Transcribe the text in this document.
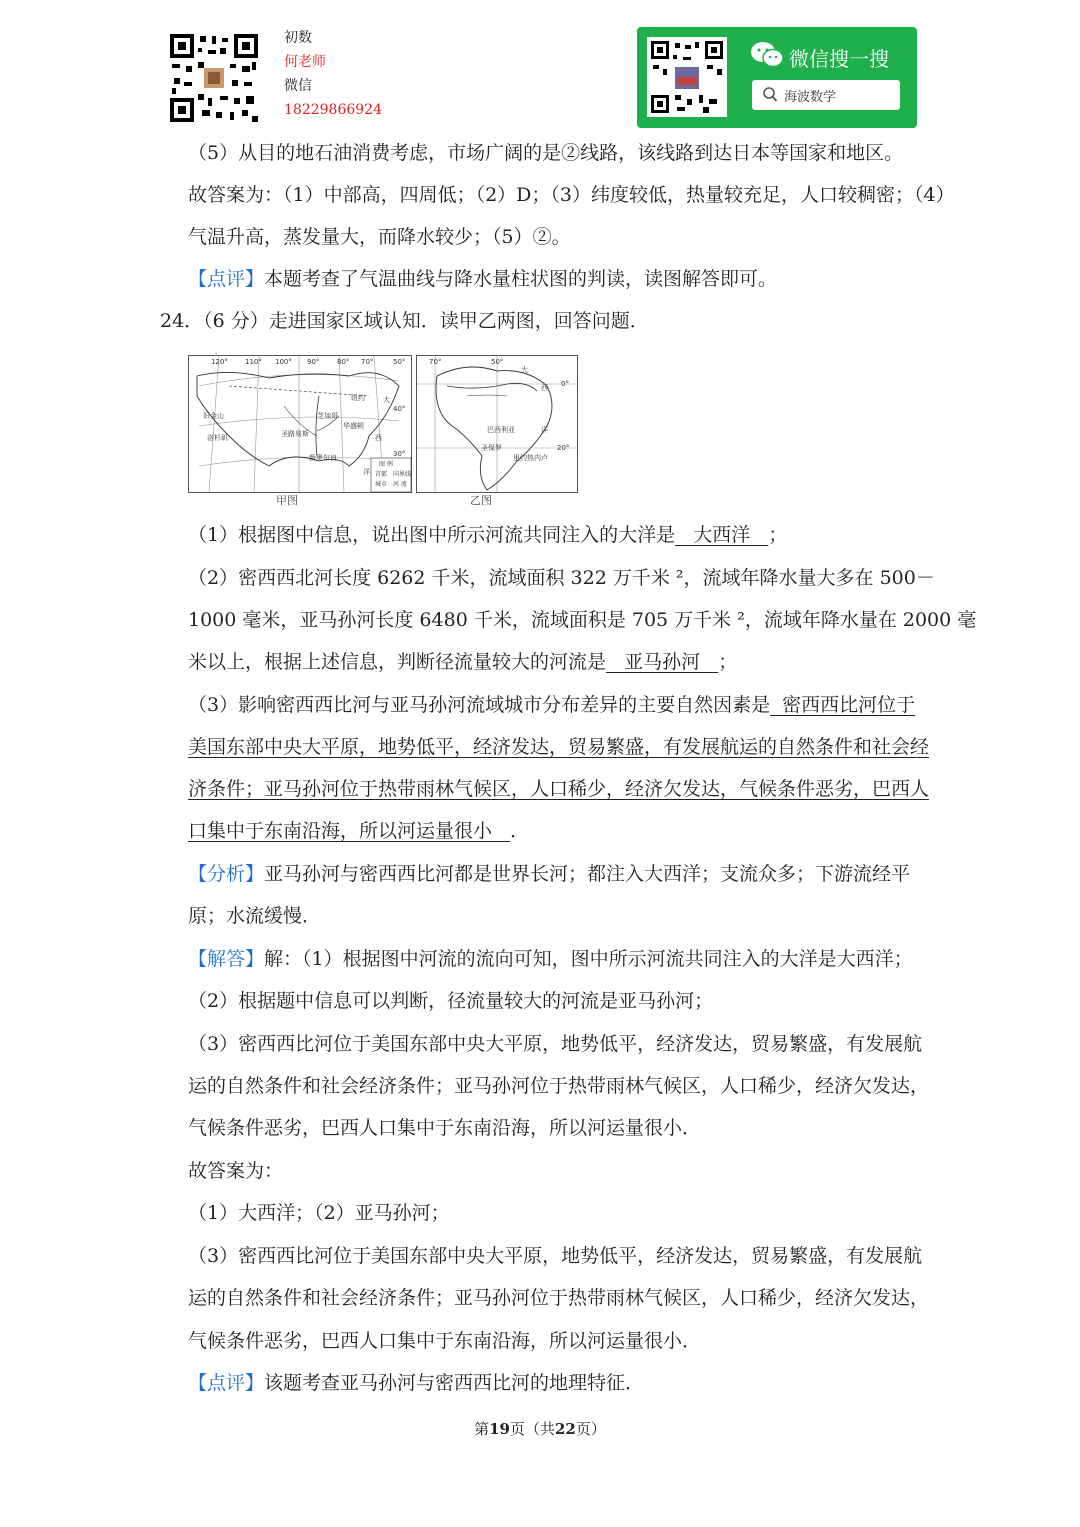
初数
何老师
微信
18229866924
微信搜一搜
海波数学
（5）从目的地石油消费考虑，市场广阔的是②线路，该线路到达日本等国家和地区。
故答案为：（1）中部高，四周低；（2）D；（3）纬度较低，热量较充足，人口较稠密；（4）
气温升高，蒸发量大，而降水较少；（5）②。
【点评】本题考查了气温曲线与降水量柱状图的判读，读图解答即可。
24．（6 分）走进国家区域认知．读甲乙两图，回答问题．
.
120° 110° 100° 90°	80° 70°	50°
40°
30°
旧金山
洛杉矶
芝加哥
圣路易斯
纽约
华盛顿
新奥尔良
大
西
洋
图 例
首都 国界线
城市 河 流
甲图
70°	50°
大
西
洋
0°
20°
巴西利亚
圣保罗
里约热内卢
乙图
（1）根据图中信息，说出图中所示河流共同注入的大洋是   大西洋   ；
（2）密西西北河长度 6262 千米，流域面积 322 万千米 ²，流域年降水量大多在 500－
1000 毫米，亚马孙河长度 6480 千米，流域面积是 705 万千米 ²，流域年降水量在 2000 毫
米以上，根据上述信息，判断径流量较大的河流是   亚马孙河   ；
（3）影响密西西比河与亚马孙河流域城市分布差异的主要自然因素是  密西西比河位于
美国东部中央大平原，地势低平，经济发达，贸易繁盛，有发展航运的自然条件和社会经
济条件；亚马孙河位于热带雨林气候区，人口稀少，经济欠发达，气候条件恶劣，巴西人
口集中于东南沿海，所以河运量很小   ．
【分析】亚马孙河与密西西比河都是世界长河；都注入大西洋；支流众多；下游流经平
原；水流缓慢．
【解答】解：（1）根据图中河流的流向可知，图中所示河流共同注入的大洋是大西洋；
（2）根据题中信息可以判断，径流量较大的河流是亚马孙河；
（3）密西西比河位于美国东部中央大平原，地势低平，经济发达，贸易繁盛，有发展航
运的自然条件和社会经济条件；亚马孙河位于热带雨林气候区，人口稀少，经济欠发达，
气候条件恶劣，巴西人口集中于东南沿海，所以河运量很小．
故答案为：
（1）大西洋；（2）亚马孙河；
（3）密西西比河位于美国东部中央大平原，地势低平，经济发达，贸易繁盛，有发展航
运的自然条件和社会经济条件；亚马孙河位于热带雨林气候区，人口稀少，经济欠发达，
气候条件恶劣，巴西人口集中于东南沿海，所以河运量很小．
【点评】该题考查亚马孙河与密西西比河的地理特征．
第19页（共22页）
